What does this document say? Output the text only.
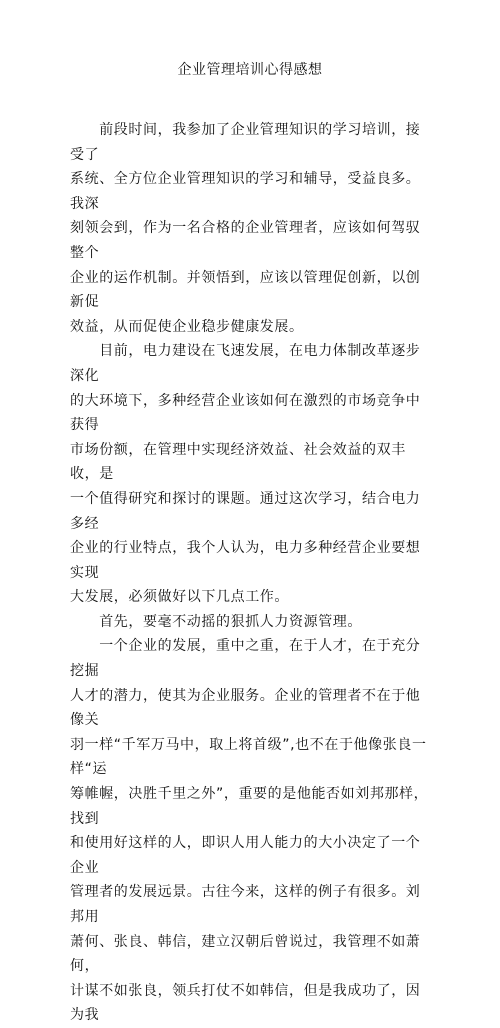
企业管理培训心得感想

　　前段时间，我参加了企业管理知识的学习培训，接受了
系统、全方位企业管理知识的学习和辅导，受益良多。我深
刻领会到，作为一名合格的企业管理者，应该如何驾驭整个
企业的运作机制。并领悟到，应该以管理促创新，以创新促
效益，从而促使企业稳步健康发展。

　　目前，电力建设在飞速发展，在电力体制改革逐步深化
的大环境下，多种经营企业该如何在激烈的市场竞争中获得
市场份额，在管理中实现经济效益、社会效益的双丰收，是
一个值得研究和探讨的课题。通过这次学习，结合电力多经
企业的行业特点，我个人认为，电力多种经营企业要想实现
大发展，必须做好以下几点工作。

　　首先，要毫不动摇的狠抓人力资源管理。

　　一个企业的发展，重中之重，在于人才，在于充分挖掘
人才的潜力，使其为企业服务。企业的管理者不在于他像关
羽一样“千军万马中，取上将首级”,也不在于他像张良一样“运
筹帷幄，决胜千里之外”，重要的是他能否如刘邦那样，找到
和使用好这样的人，即识人用人能力的大小决定了一个企业
管理者的发展远景。古往今来，这样的例子有很多。刘邦用
萧何、张良、韩信，建立汉朝后曾说过，我管理不如萧何，
计谋不如张良，领兵打仗不如韩信，但是我成功了，因为我
